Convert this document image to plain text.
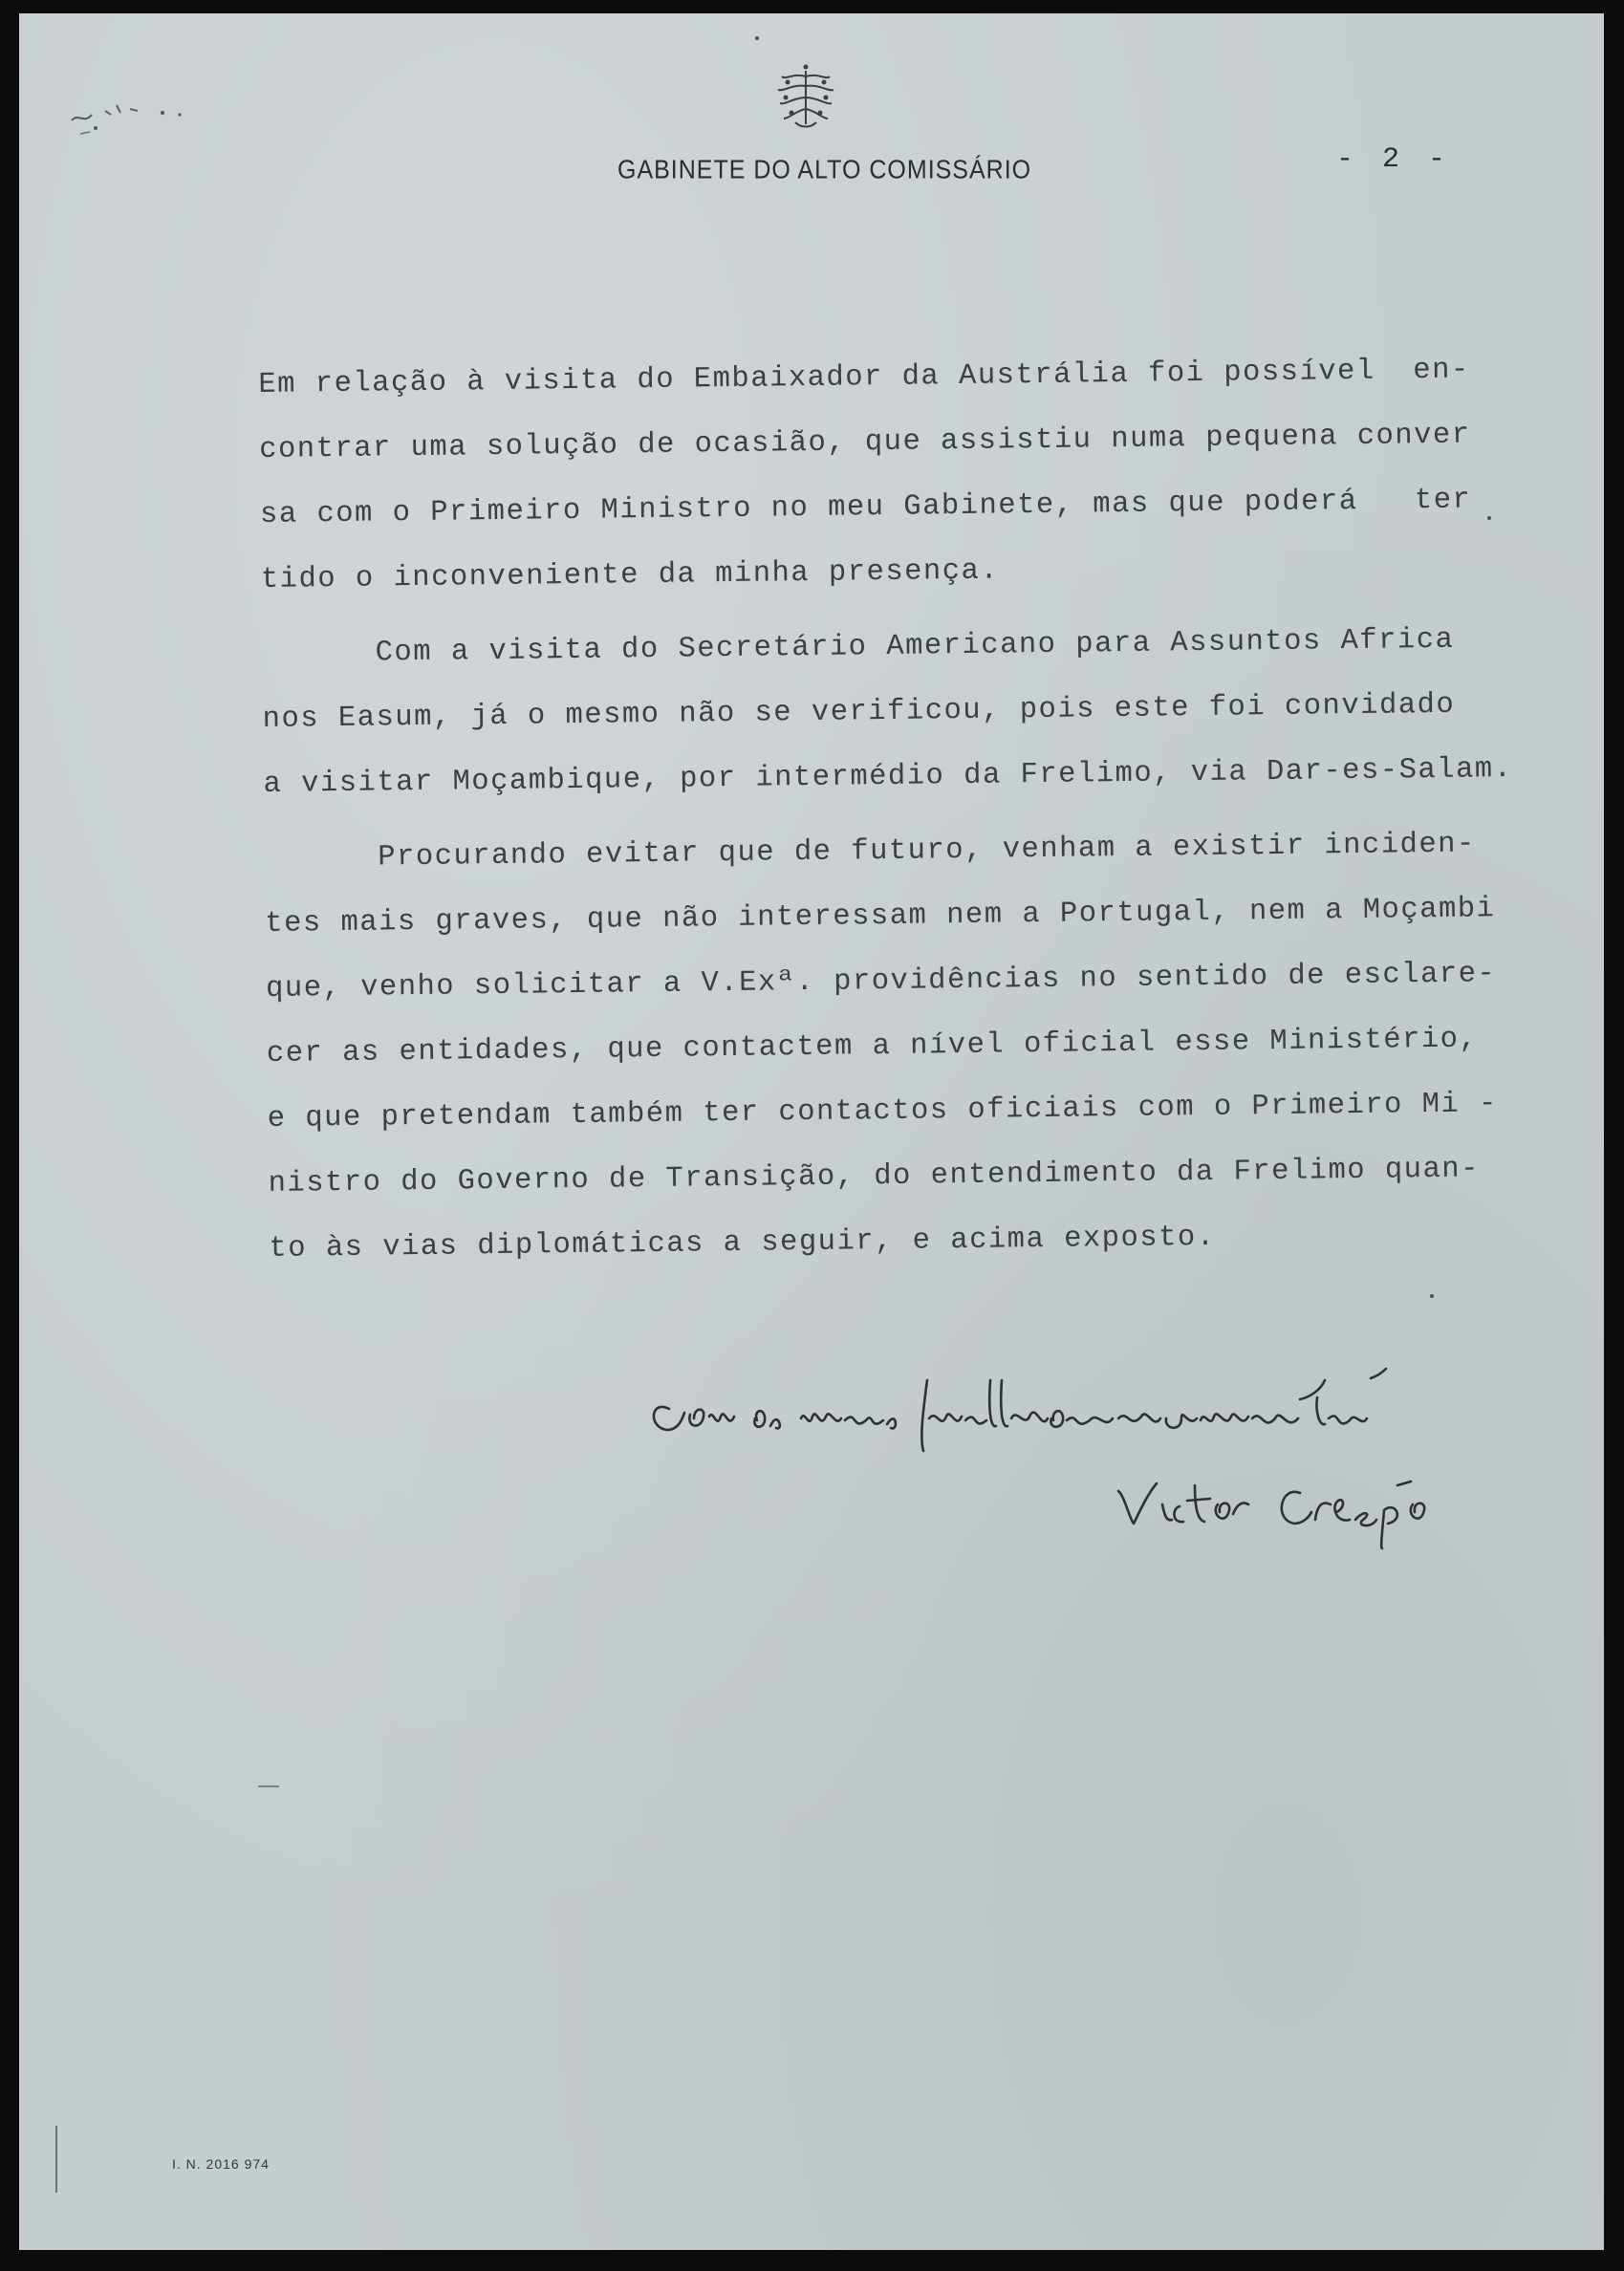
GABINETE DO ALTO COMISSÁRIO	- 2 -
Em relação à visita do Embaixador da Austrália foi possível  en-
contrar uma solução de ocasião, que assistiu numa pequena conver
sa com o Primeiro Ministro no meu Gabinete, mas que poderá   ter
tido o inconveniente da minha presença.
Com a visita do Secretário Americano para Assuntos Africa
nos Easum, já o mesmo não se verificou, pois este foi convidado
a visitar Moçambique, por intermédio da Frelimo, via Dar-es-Salam.
Procurando evitar que de futuro, venham a existir inciden-
tes mais graves, que não interessam nem a Portugal, nem a Moçambi
que, venho solicitar a V.Exª. providências no sentido de esclare-
cer as entidades, que contactem a nível oficial esse Ministério,
e que pretendam também ter contactos oficiais com o Primeiro Mi -
nistro do Governo de Transição, do entendimento da Frelimo quan-
to às vias diplomáticas a seguir, e acima exposto.
I. N. 2016 974
